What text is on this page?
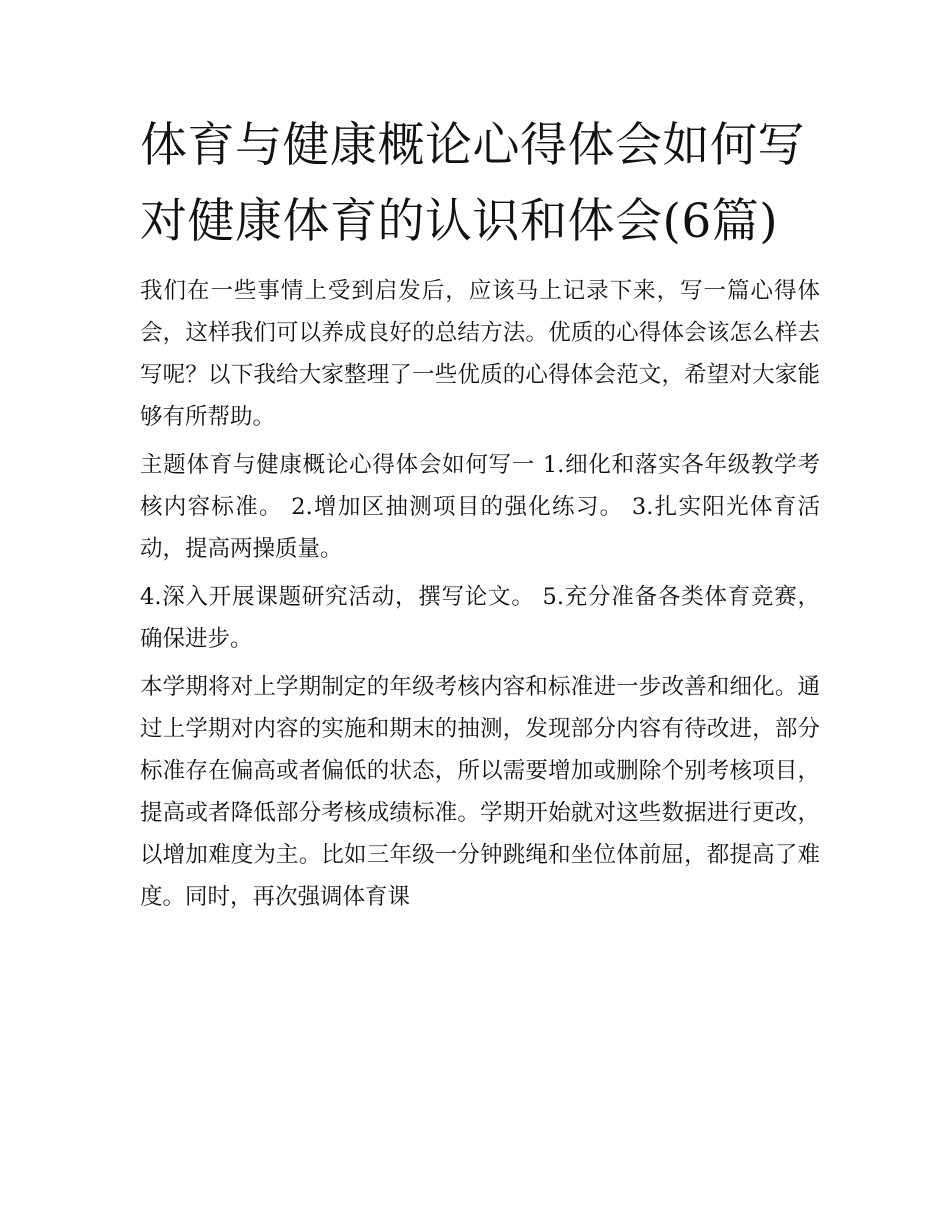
体育与健康概论心得体会如何写 对健康体育的认识和体会(6篇)

我们在一些事情上受到启发后，应该马上记录下来，写一篇心得体会，这样我们可以养成良好的总结方法。优质的心得体会该怎么样去写呢？以下我给大家整理了一些优质的心得体会范文，希望对大家能够有所帮助。

主题体育与健康概论心得体会如何写一 1.细化和落实各年级教学考核内容标准。 2.增加区抽测项目的强化练习。 3.扎实阳光体育活动，提高两操质量。

4.深入开展课题研究活动，撰写论文。 5.充分准备各类体育竞赛，确保进步。

本学期将对上学期制定的年级考核内容和标准进一步改善和细化。通过上学期对内容的实施和期末的抽测，发现部分内容有待改进，部分标准存在偏高或者偏低的状态，所以需要增加或删除个别考核项目，提高或者降低部分考核成绩标准。学期开始就对这些数据进行更改，以增加难度为主。比如三年级一分钟跳绳和坐位体前屈，都提高了难度。同时，再次强调体育课
